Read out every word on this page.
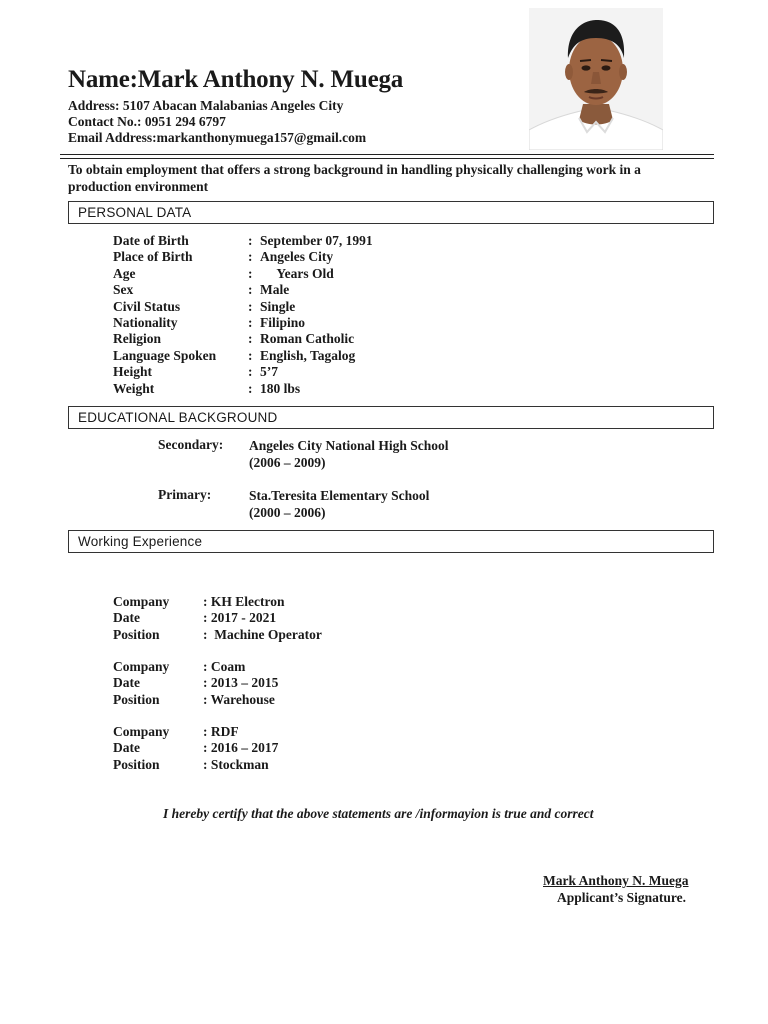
Name:Mark Anthony N. Muega
Address: 5107 Abacan Malabanias Angeles City
Contact No.: 0951 294 6797
Email Address:markanthonymuega157@gmail.com
To obtain employment that offers a strong background in handling physically challenging work in a production environment
PERSONAL DATA
Date of Birth	: September 07, 1991
Place of Birth	: Angeles City
Age	: Years Old
Sex	: Male
Civil Status	: Single
Nationality	: Filipino
Religion	: Roman Catholic
Language Spoken : English, Tagalog
Height	: 5’7
Weight	: 180 lbs
EDUCATIONAL BACKGROUND
Secondary: Angeles City National High School
(2006 – 2009)
Primary:	Sta.Teresita Elementary School
(2000 – 2006)
Working Experience
Company : KH Electron
Date	: 2017 - 2021
Position	:  Machine Operator
Company : Coam
Date	: 2013 – 2015
Position	: Warehouse
Company : RDF
Date	: 2016 – 2017
Position	: Stockman
I hereby certify that the above statements are /informayion is true and correct
Mark Anthony N. Muega
Applicant’s Signature.
